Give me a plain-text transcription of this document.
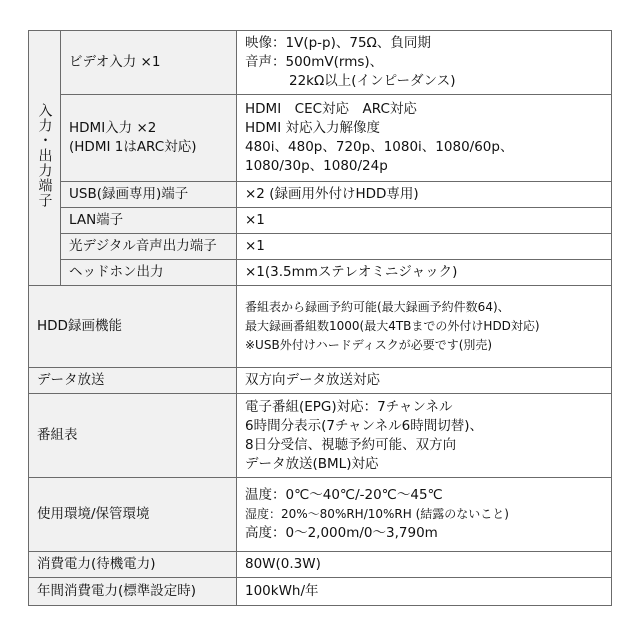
入力・出力端子	ビデオ入力 ×1	映像：1V(p-p)、75Ω、負同期
音声：500mV(rms)、
22kΩ以上(インピーダンス)

	HDMI入力 ×2
(HDMI 1はARC対応)	HDMI　CEC対応　ARC対応
HDMI 対応入力解像度
480i、480p、720p、1080i、1080/60p、
1080/30p、1080/24p

	USB(録画専用)端子	×2 (録画用外付けHDD専用)

	LAN端子	×1

	光デジタル音声出力端子	×1

	ヘッドホン出力	×1(3.5mmステレオミニジャック)

HDD録画機能		番組表から録画予約可能(最大録画予約件数64)、
最大録画番組数1000(最大4TBまでの外付けHDD対応)
※USB外付けハードディスクが必要です(別売)

データ放送		双方向データ放送対応

番組表		電子番組(EPG)対応：7チャンネル
6時間分表示(7チャンネル6時間切替)、
8日分受信、視聴予約可能、双方向
データ放送(BML)対応

使用環境/保管環境		温度：0℃〜40℃/-20℃〜45℃
湿度：20%〜80%RH/10%RH (結露のないこと)
高度：0〜2,000m/0〜3,790m

消費電力(待機電力)		80W(0.3W)

年間消費電力(標準設定時)		100kWh/年
